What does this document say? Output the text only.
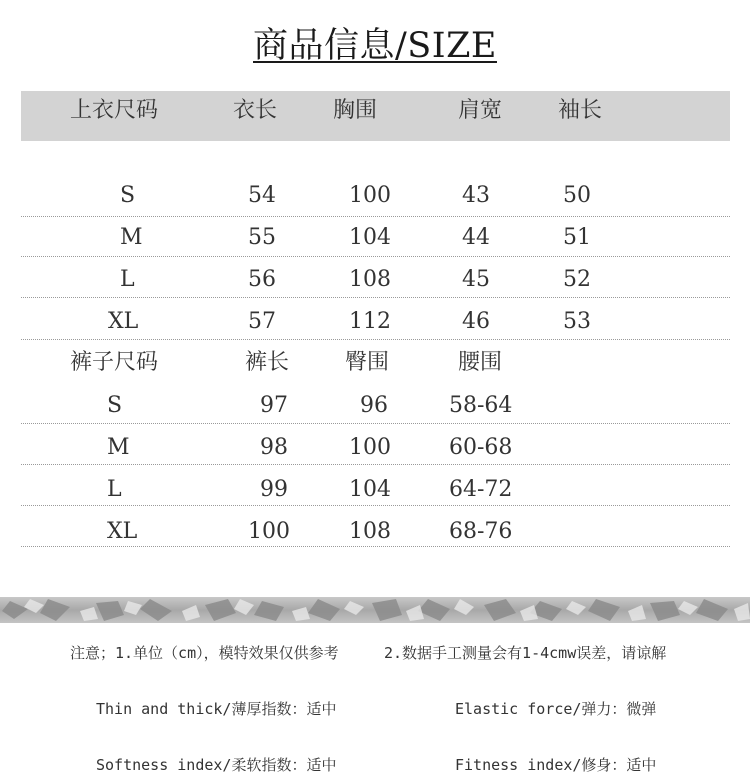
商品信息/SIZE
上衣尺码	衣长	胸围	肩宽	袖长
S	54	100	43	50
M	55	104	44	51
L	56	108	45	52
XL	57	112	46	53
裤子尺码	裤长	臀围	腰围
S	97	96	58-64
M	98	100	60-68
L	99	104	64-72
XL	100	108	68-76
注意；1.单位（cm），模特效果仅供参考	2.数据手工测量会有1-4cmw误差，请谅解
Thin and thick/薄厚指数：适中	Elastic force/弹力：微弹
Softness index/柔软指数：适中	Fitness index/修身：适中
